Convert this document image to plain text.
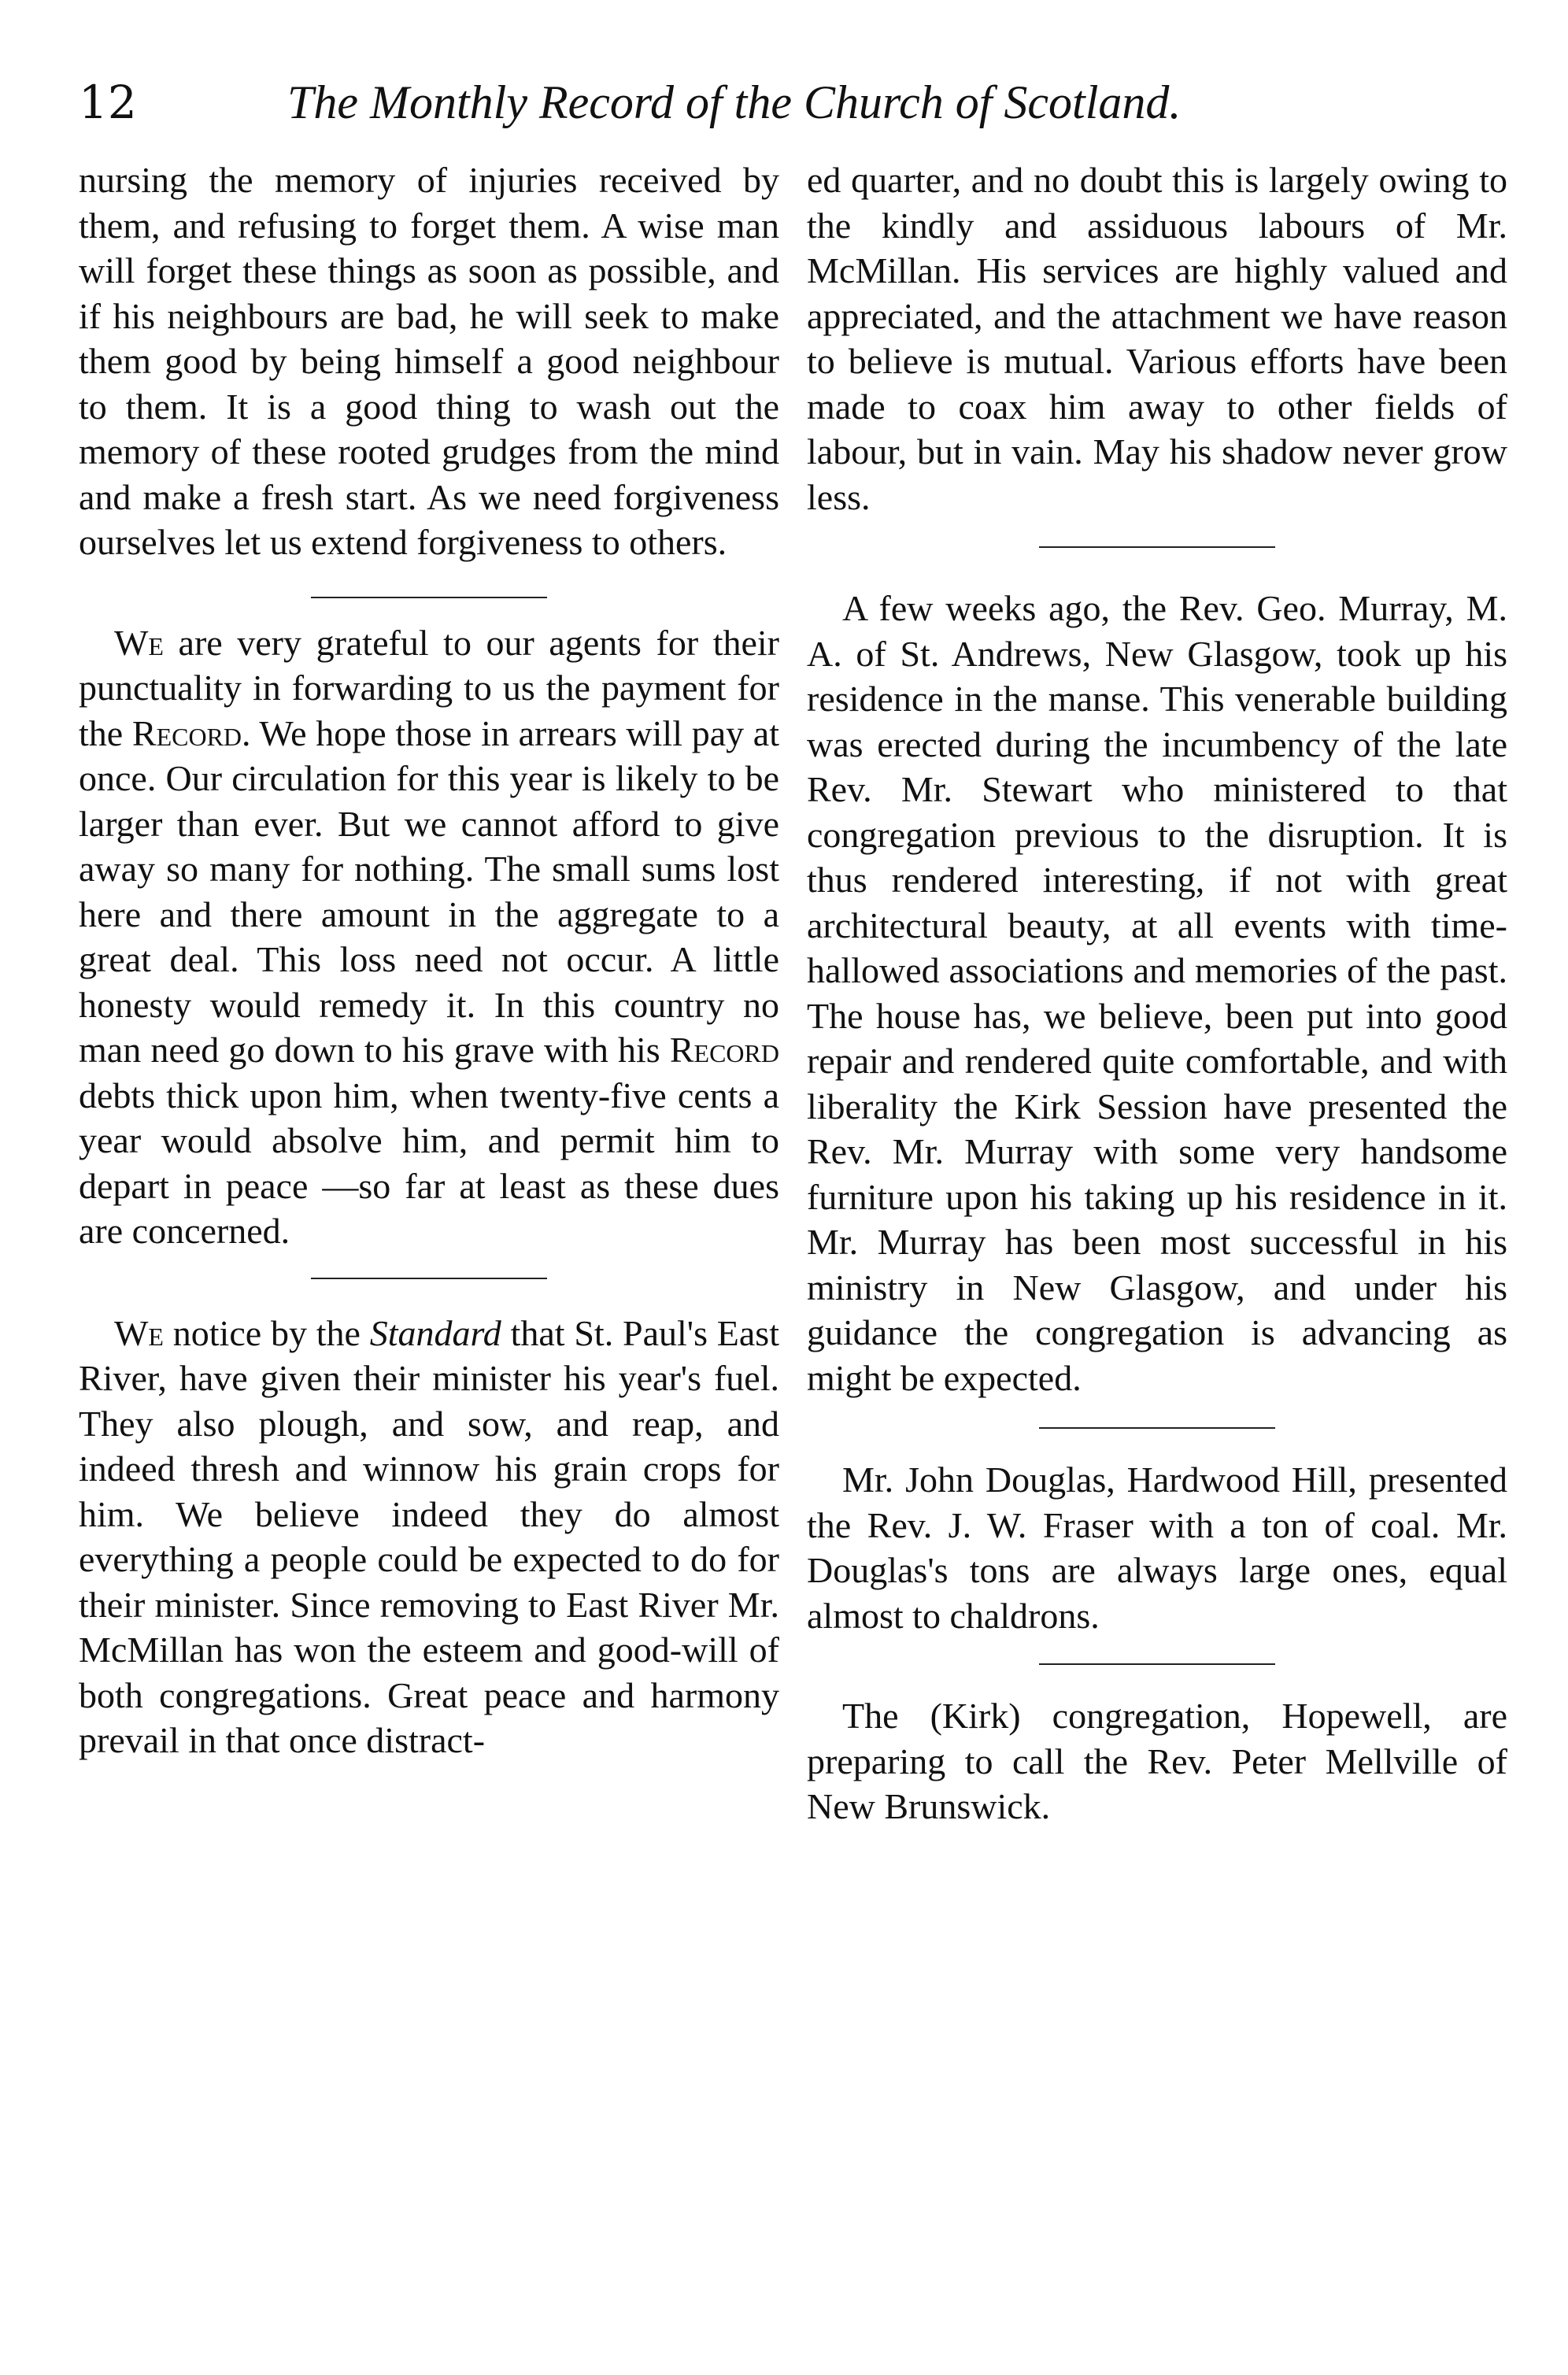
12	The Monthly Record of the Church of Scotland.

nursing the memory of injuries received by them, and refusing to forget them. A wise man will forget these things as soon as possible, and if his neighbours are bad, he will seek to make them good by being himself a good neighbour to them. It is a good thing to wash out the memory of these rooted grudges from the mind and make a fresh start. As we need forgiveness ourselves let us extend forgiveness to others.

We are very grateful to our agents for their punctuality in forwarding to us the payment for the Record. We hope those in arrears will pay at once. Our circulation for this year is likely to be larger than ever. But we cannot afford to give away so many for nothing. The small sums lost here and there amount in the aggregate to a great deal. This loss need not occur. A little honesty would remedy it. In this country no man need go down to his grave with his Record debts thick upon him, when twenty-five cents a year would absolve him, and permit him to depart in peace —so far at least as these dues are concerned.

We notice by the Standard that St. Paul's East River, have given their minister his year's fuel. They also plough, and sow, and reap, and indeed thresh and winnow his grain crops for him. We believe indeed they do almost everything a people could be expected to do for their minister. Since removing to East River Mr. McMillan has won the esteem and good-will of both congregations. Great peace and harmony prevail in that once distract-

ed quarter, and no doubt this is largely owing to the kindly and assiduous labours of Mr. McMillan. His services are highly valued and appreciated, and the attachment we have reason to believe is mutual. Various efforts have been made to coax him away to other fields of labour, but in vain. May his shadow never grow less.

A few weeks ago, the Rev. Geo. Murray, M. A. of St. Andrews, New Glasgow, took up his residence in the manse. This venerable building was erected during the incumbency of the late Rev. Mr. Stewart who ministered to that congregation previous to the disruption. It is thus rendered interesting, if not with great architectural beauty, at all events with time-hallowed associations and memories of the past. The house has, we believe, been put into good repair and rendered quite comfortable, and with liberality the Kirk Session have presented the Rev. Mr. Murray with some very handsome furniture upon his taking up his residence in it. Mr. Murray has been most successful in his ministry in New Glasgow, and under his guidance the congregation is advancing as might be expected.

Mr. John Douglas, Hardwood Hill, presented the Rev. J. W. Fraser with a ton of coal. Mr. Douglas's tons are always large ones, equal almost to chaldrons.

The (Kirk) congregation, Hopewell, are preparing to call the Rev. Peter Mellville of New Brunswick.
